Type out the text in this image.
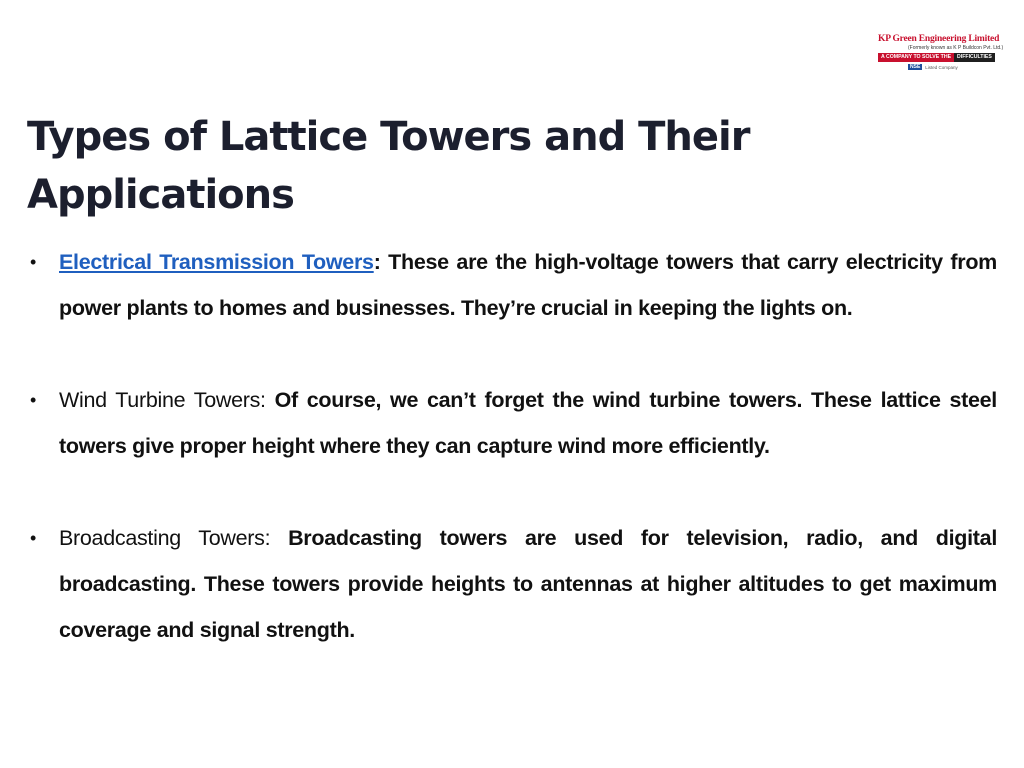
KP Green Engineering Limited
(Formerly known as K P Buildcon Pvt. Ltd.)
A COMPANY TO SOLVE THE	DIFFICULTIES
NSE	Listed Company
Types of Lattice Towers and Their Applications
• Electrical Transmission Towers: These are the high-voltage towers that carry electricity from power plants to homes and businesses. They’re crucial in keeping the lights on.
• Wind Turbine Towers: Of course, we can’t forget the wind turbine towers. These lattice steel towers give proper height where they can capture wind more efficiently.
• Broadcasting Towers: Broadcasting towers are used for television, radio, and digital broadcasting. These towers provide heights to antennas at higher altitudes to get maximum coverage and signal strength.
